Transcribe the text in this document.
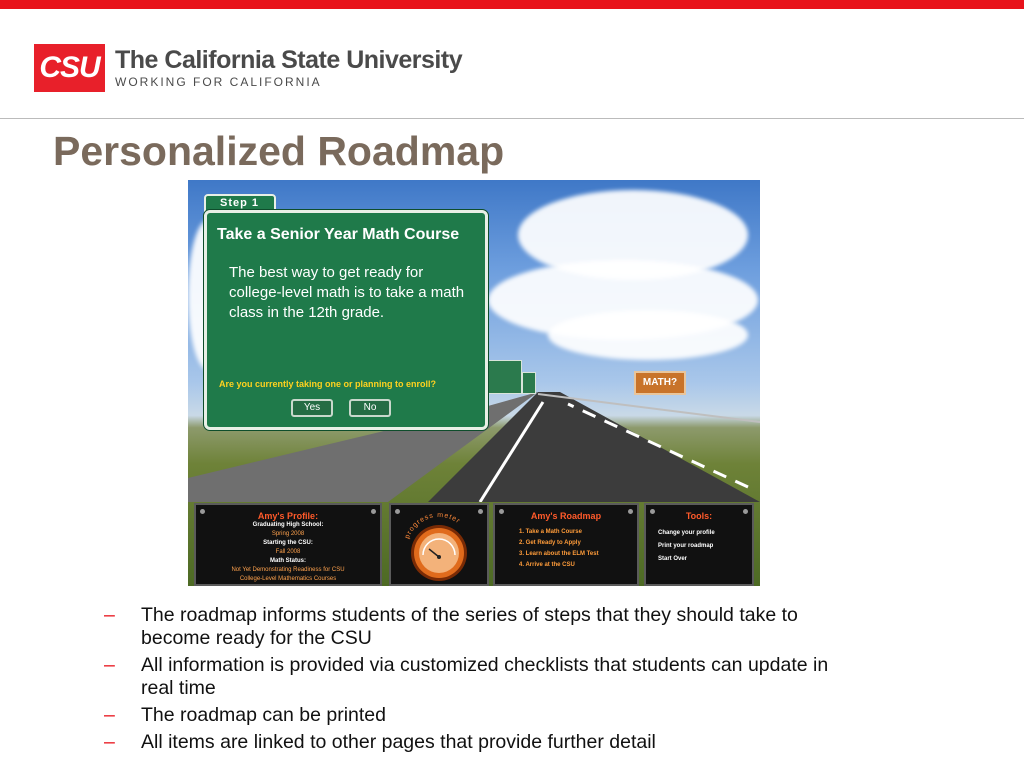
CSU The California State University
WORKING FOR CALIFORNIA
Personalized Roadmap
MATH?
Step 1
Take a Senior Year Math Course
The best way to get ready for college-level math is to take a math class in the 12th grade.
Are you currently taking one or planning to enroll?
Yes	No
Amy's Profile:
Graduating High School:
Spring 2008
Starting the CSU:
Fall 2008
Math Status:
Not Yet Demonstrating Readiness for CSU
College-Level Mathematics Courses
progress meter
Amy's Roadmap
1. Take a Math Course
2. Get Ready to Apply
3. Learn about the ELM Test
4. Arrive at the CSU
Tools:
Change your profile
Print your roadmap
Start Over
–	The roadmap informs students of the series of steps that they should take to become ready for the CSU
–	All information is provided via customized checklists that students can update in real time
–	The roadmap can be printed
–	All items are linked to other pages that provide further detail
